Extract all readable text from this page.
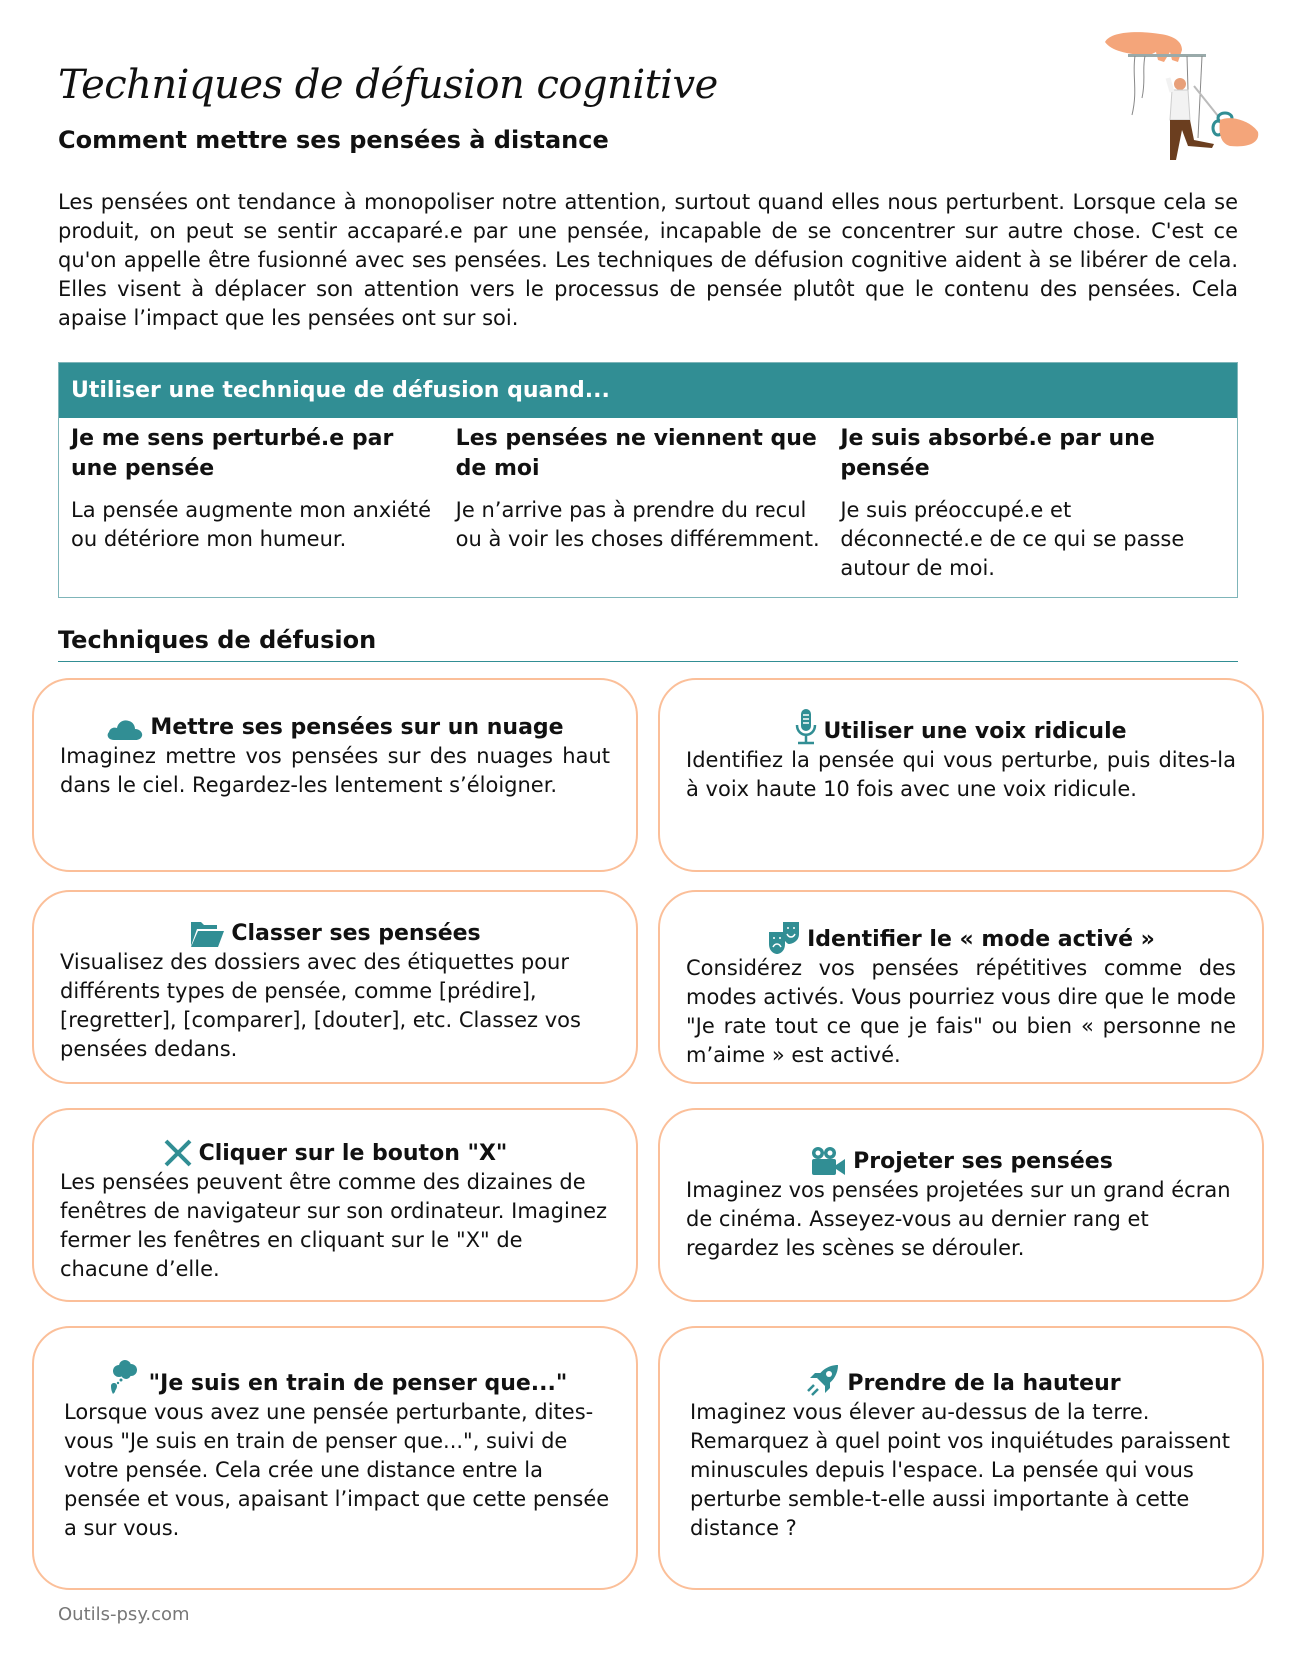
Techniques de défusion cognitive
Comment mettre ses pensées à distance

Les pensées ont tendance à monopoliser notre attention, surtout quand elles nous perturbent. Lorsque cela se produit, on peut se sentir accaparé.e par une pensée, incapable de se concentrer sur autre chose. C'est ce qu'on appelle être fusionné avec ses pensées. Les techniques de défusion cognitive aident à se libérer de cela. Elles visent à déplacer son attention vers le processus de pensée plutôt que le contenu des pensées. Cela apaise l’impact que les pensées ont sur soi.

Utiliser une technique de défusion quand...
Je me sens perturbé.e par une pensée

La pensée augmente mon anxiété ou détériore mon humeur.

Les pensées ne viennent que de moi

Je n’arrive pas à prendre du recul ou à voir les choses différemment.

Je suis absorbé.e par une pensée

Je suis préoccupé.e et déconnecté.e de ce qui se passe autour de moi.

Techniques de défusion
Mettre ses pensées sur un nuage

Imaginez mettre vos pensées sur des nuages haut dans le ciel. Regardez-les lentement s’éloigner.

Utiliser une voix ridicule

Identifiez la pensée qui vous perturbe, puis dites-la à voix haute 10 fois avec une voix ridicule.

Classer ses pensées

Visualisez des dossiers avec des étiquettes pour différents types de pensée, comme [prédire], [regretter], [comparer], [douter], etc. Classez vos pensées dedans.

Identifier le « mode activé »

Considérez vos pensées répétitives comme des modes activés. Vous pourriez vous dire que le mode "Je rate tout ce que je fais" ou bien « personne ne m’aime » est activé.

Cliquer sur le bouton "X"

Les pensées peuvent être comme des dizaines de fenêtres de navigateur sur son ordinateur. Imaginez fermer les fenêtres en cliquant sur le "X" de chacune d’elle.

Projeter ses pensées

Imaginez vos pensées projetées sur un grand écran de cinéma. Asseyez-vous au dernier rang et regardez les scènes se dérouler.

"Je suis en train de penser que..."

Lorsque vous avez une pensée perturbante, dites-vous "Je suis en train de penser que...", suivi de votre pensée. Cela crée une distance entre la pensée et vous, apaisant l’impact que cette pensée a sur vous.

Prendre de la hauteur

Imaginez vous élever au-dessus de la terre. Remarquez à quel point vos inquiétudes paraissent minuscules depuis l'espace. La pensée qui vous perturbe semble-t-elle aussi importante à cette distance ?

Outils-psy.com
